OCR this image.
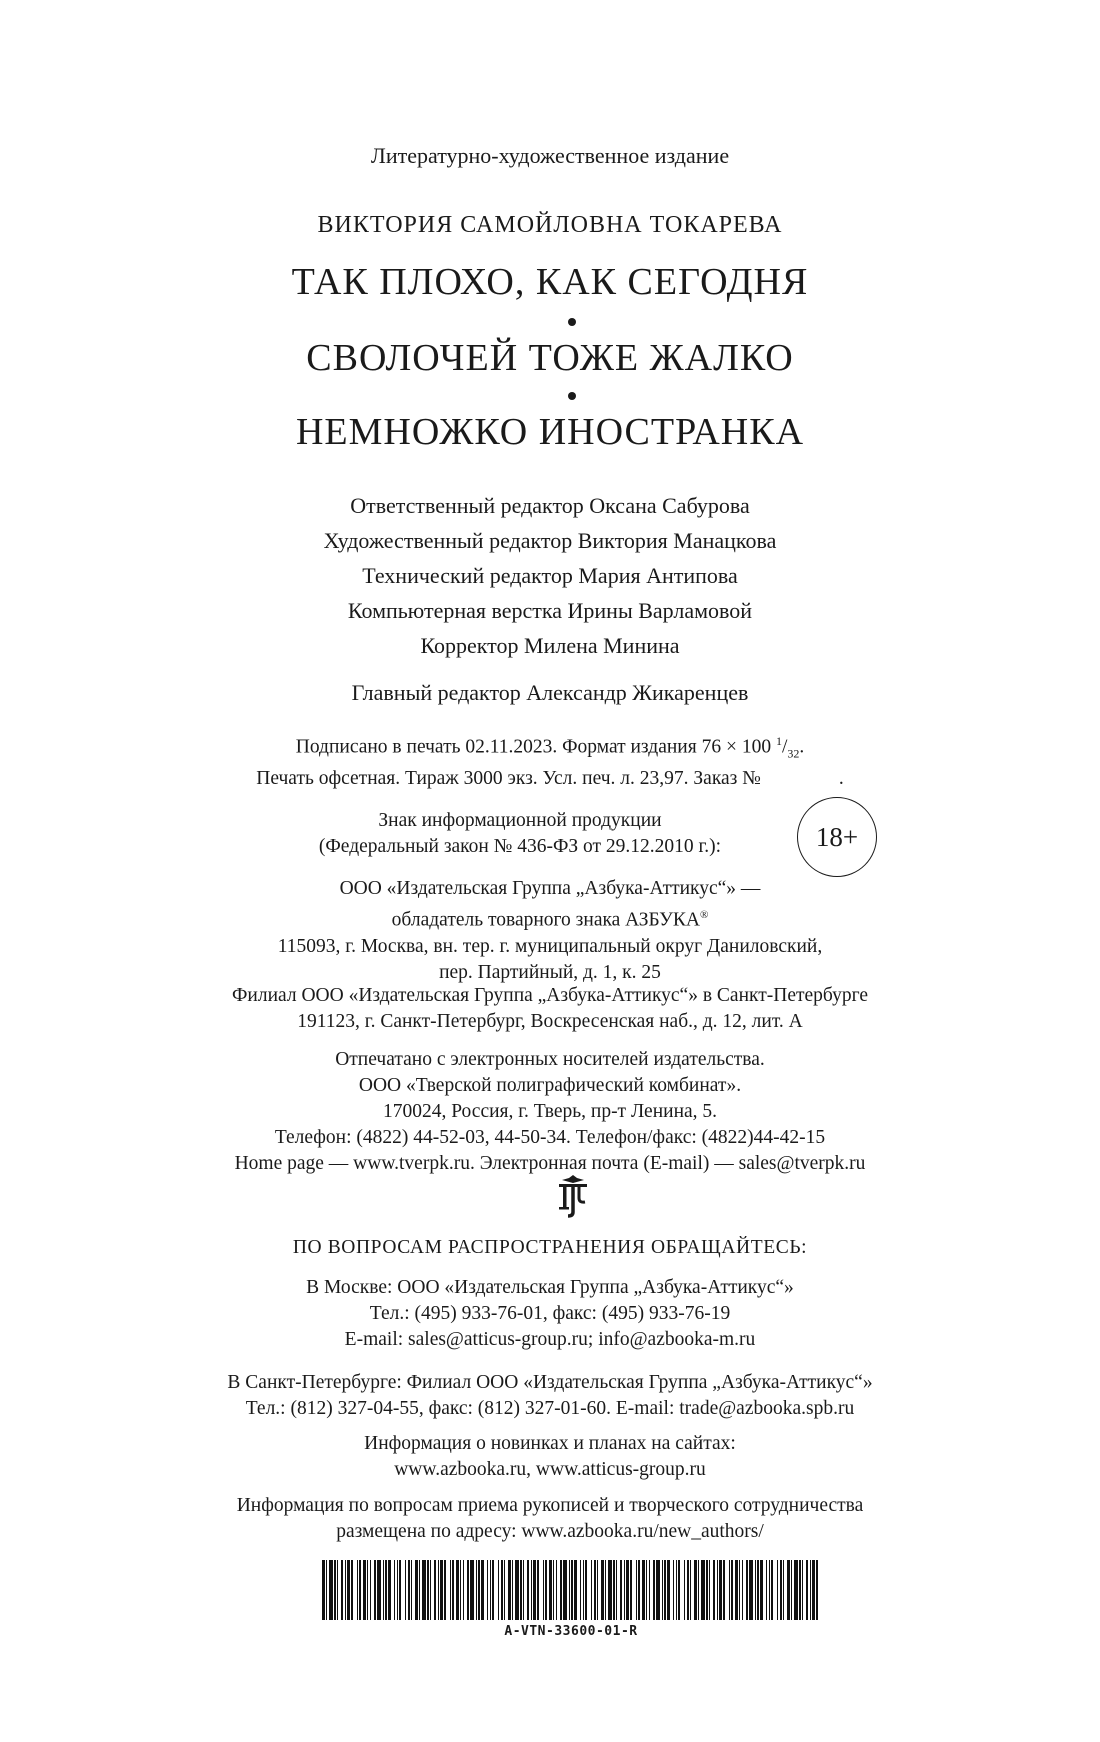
Литературно-художественное издание

ВИКТОРИЯ САМОЙЛОВНА ТОКАРЕВА

ТАК ПЛОХО, КАК СЕГОДНЯ

СВОЛОЧЕЙ ТОЖЕ ЖАЛКО

НЕМНОЖКО ИНОСТРАНКА

Ответственный редактор Оксана Сабурова

Художественный редактор Виктория Манацкова

Технический редактор Мария Антипова

Компьютерная верстка Ирины Варламовой

Корректор Милена Минина

Главный редактор Александр Жикаренцев

Подписано в печать 02.11.2023. Формат издания 76 × 100 $^1/_{32}$.

Печать офсетная. Тираж 3000 экз. Усл. печ. л. 23,97. Заказ №	.

Знак информационной продукции
(Федеральный закон № 436-ФЗ от 29.12.2010 г.):	18+

ООО «Издательская Группа „Азбука-Аттикус“» —

обладатель товарного знака АЗБУКА®

115093, г. Москва, вн. тер. г. муниципальный округ Даниловский,

пер. Партийный, д. 1, к. 25

Филиал ООО «Издательская Группа „Азбука-Аттикус“» в Санкт-Петербурге

191123, г. Санкт-Петербург, Воскресенская наб., д. 12, лит. А

Отпечатано с электронных носителей издательства.

ООО «Тверской полиграфический комбинат».

170024, Россия, г. Тверь, пр-т Ленина, 5.

Телефон: (4822) 44-52-03, 44-50-34. Телефон/факс: (4822)44-42-15

Home page — www.tverpk.ru. Электронная почта (E-mail) — sales@tverpk.ru

ПО ВОПРОСАМ РАСПРОСТРАНЕНИЯ ОБРАЩАЙТЕСЬ:

В Москве: ООО «Издательская Группа „Азбука-Аттикус“»

Тел.: (495) 933-76-01, факс: (495) 933-76-19

E-mail: sales@atticus-group.ru; info@azbooka-m.ru

В Санкт-Петербурге: Филиал ООО «Издательская Группа „Азбука-Аттикус“»

Тел.: (812) 327-04-55, факс: (812) 327-01-60. E-mail: trade@azbooka.spb.ru

Информация о новинках и планах на сайтах:

www.azbooka.ru, www.atticus-group.ru

Информация по вопросам приема рукописей и творческого сотрудничества

размещена по адресу: www.azbooka.ru/new_authors/

A-VTN-33600-01-R
